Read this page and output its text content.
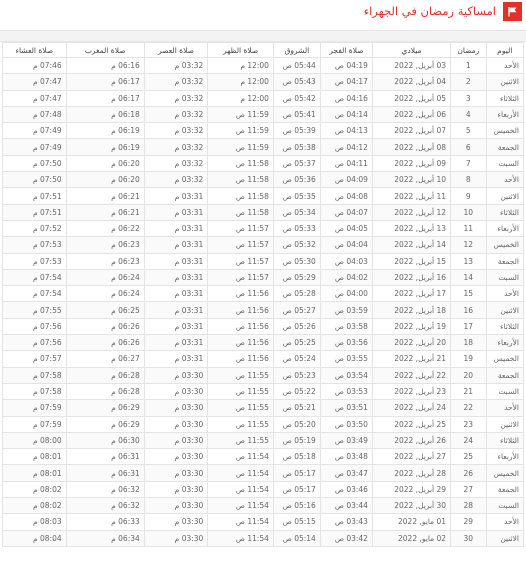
امساكية رمضان في الجهراء
اليوم	رمضان	ميلادي	صلاة الفجر	الشروق	صلاة الظهر	صلاة العصر	صلاة المغرب	صلاة العشاء
الأحد	1	03 أبريل, 2022	04:19 ص	05:44 ص	12:00 م	03:32 م	06:16 م	07:46 م
الاثنين	2	04 أبريل, 2022	04:17 ص	05:43 ص	12:00 م	03:32 م	06:17 م	07:47 م
الثلاثاء	3	05 أبريل, 2022	04:16 ص	05:42 ص	12:00 م	03:32 م	06:17 م	07:47 م
الأربعاء	4	06 أبريل, 2022	04:14 ص	05:41 ص	11:59 ص	03:32 م	06:18 م	07:48 م
الخميس	5	07 أبريل, 2022	04:13 ص	05:39 ص	11:59 ص	03:32 م	06:19 م	07:49 م
الجمعة	6	08 أبريل, 2022	04:12 ص	05:38 ص	11:59 ص	03:32 م	06:19 م	07:49 م
السبت	7	09 أبريل, 2022	04:11 ص	05:37 ص	11:58 ص	03:32 م	06:20 م	07:50 م
الأحد	8	10 أبريل, 2022	04:09 ص	05:36 ص	11:58 ص	03:32 م	06:20 م	07:50 م
الاثنين	9	11 أبريل, 2022	04:08 ص	05:35 ص	11:58 ص	03:31 م	06:21 م	07:51 م
الثلاثاء	10	12 أبريل, 2022	04:07 ص	05:34 ص	11:58 ص	03:31 م	06:21 م	07:51 م
الأربعاء	11	13 أبريل, 2022	04:05 ص	05:33 ص	11:57 ص	03:31 م	06:22 م	07:52 م
الخميس	12	14 أبريل, 2022	04:04 ص	05:32 ص	11:57 ص	03:31 م	06:23 م	07:53 م
الجمعة	13	15 أبريل, 2022	04:03 ص	05:30 ص	11:57 ص	03:31 م	06:23 م	07:53 م
السبت	14	16 أبريل, 2022	04:02 ص	05:29 ص	11:57 ص	03:31 م	06:24 م	07:54 م
الأحد	15	17 أبريل, 2022	04:00 ص	05:28 ص	11:56 ص	03:31 م	06:24 م	07:54 م
الاثنين	16	18 أبريل, 2022	03:59 ص	05:27 ص	11:56 ص	03:31 م	06:25 م	07:55 م
الثلاثاء	17	19 أبريل, 2022	03:58 ص	05:26 ص	11:56 ص	03:31 م	06:26 م	07:56 م
الأربعاء	18	20 أبريل, 2022	03:56 ص	05:25 ص	11:56 ص	03:31 م	06:26 م	07:56 م
الخميس	19	21 أبريل, 2022	03:55 ص	05:24 ص	11:56 ص	03:31 م	06:27 م	07:57 م
الجمعة	20	22 أبريل, 2022	03:54 ص	05:23 ص	11:55 ص	03:30 م	06:28 م	07:58 م
السبت	21	23 أبريل, 2022	03:53 ص	05:22 ص	11:55 ص	03:30 م	06:28 م	07:58 م
الأحد	22	24 أبريل, 2022	03:51 ص	05:21 ص	11:55 ص	03:30 م	06:29 م	07:59 م
الاثنين	23	25 أبريل, 2022	03:50 ص	05:20 ص	11:55 ص	03:30 م	06:29 م	07:59 م
الثلاثاء	24	26 أبريل, 2022	03:49 ص	05:19 ص	11:55 ص	03:30 م	06:30 م	08:00 م
الأربعاء	25	27 أبريل, 2022	03:48 ص	05:18 ص	11:54 ص	03:30 م	06:31 م	08:01 م
الخميس	26	28 أبريل, 2022	03:47 ص	05:17 ص	11:54 ص	03:30 م	06:31 م	08:01 م
الجمعة	27	29 أبريل, 2022	03:46 ص	05:17 ص	11:54 ص	03:30 م	06:32 م	08:02 م
السبت	28	30 أبريل, 2022	03:44 ص	05:16 ص	11:54 ص	03:30 م	06:32 م	08:02 م
الأحد	29	01 مايو, 2022	03:43 ص	05:15 ص	11:54 ص	03:30 م	06:33 م	08:03 م
الاثنين	30	02 مايو, 2022	03:42 ص	05:14 ص	11:54 ص	03:30 م	06:34 م	08:04 م
